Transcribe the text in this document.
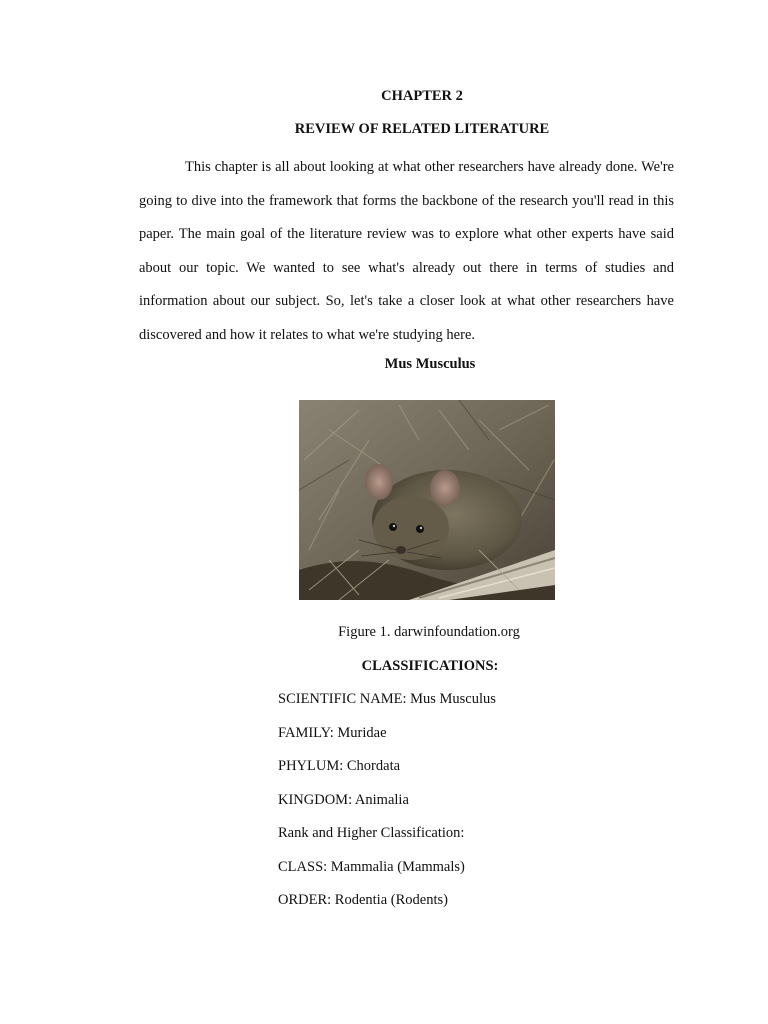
CHAPTER 2
REVIEW OF RELATED LITERATURE

This chapter is all about looking at what other researchers have already done. We're going to dive into the framework that forms the backbone of the research you'll read in this paper. The main goal of the literature review was to explore what other experts have said about our topic. We wanted to see what's already out there in terms of studies and information about our subject. So, let's take a closer look at what other researchers have discovered and how it relates to what we're studying here.

Mus Musculus
Figure 1. darwinfoundation.org
CLASSIFICATIONS:
SCIENTIFIC NAME: Mus Musculus
FAMILY: Muridae
PHYLUM: Chordata
KINGDOM: Animalia
Rank and Higher Classification:
CLASS: Mammalia (Mammals)
ORDER: Rodentia (Rodents)
